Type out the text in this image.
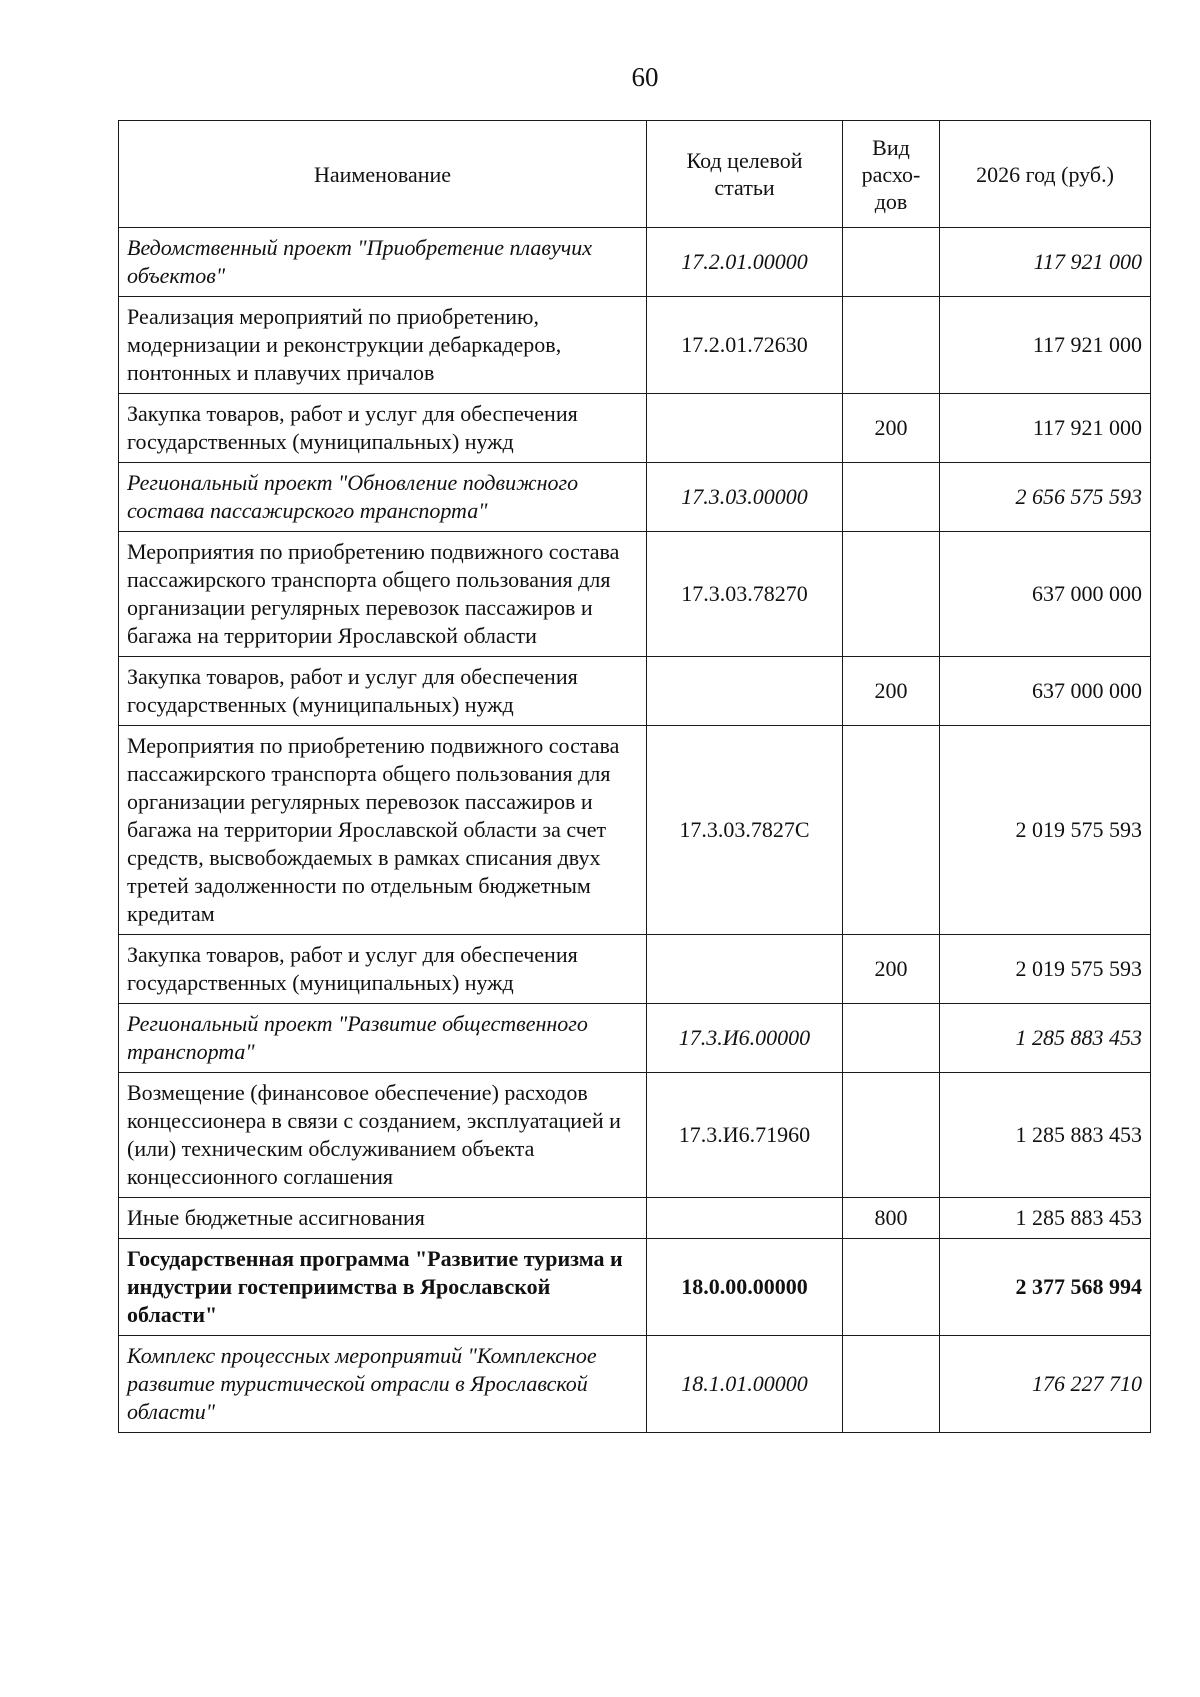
60
Наименование	Код целевой статьи	Вид расхо-дов	2026 год (руб.)
Ведомственный проект "Приобретение плавучих объектов"	17.2.01.00000		117 921 000
Реализация мероприятий по приобретению, модернизации и реконструкции дебаркадеров, понтонных и плавучих причалов	17.2.01.72630		117 921 000
Закупка товаров, работ и услуг для обеспечения государственных (муниципальных) нужд		200	117 921 000
Региональный проект "Обновление подвижного состава пассажирского транспорта"	17.3.03.00000		2 656 575 593
Мероприятия по приобретению подвижного состава пассажирского транспорта общего пользования для организации регулярных перевозок пассажиров и багажа на территории Ярославской области	17.3.03.78270		637 000 000
Закупка товаров, работ и услуг для обеспечения государственных (муниципальных) нужд		200	637 000 000
Мероприятия по приобретению подвижного состава пассажирского транспорта общего пользования для организации регулярных перевозок пассажиров и багажа на территории Ярославской области за счет средств, высвобождаемых в рамках списания двух третей задолженности по отдельным бюджетным кредитам	17.3.03.7827C		2 019 575 593
Закупка товаров, работ и услуг для обеспечения государственных (муниципальных) нужд		200	2 019 575 593
Региональный проект "Развитие общественного транспорта"	17.3.И6.00000		1 285 883 453
Возмещение (финансовое обеспечение) расходов концессионера в связи с созданием, эксплуатацией и (или) техническим обслуживанием объекта концессионного соглашения	17.3.И6.71960		1 285 883 453
Иные бюджетные ассигнования		800	1 285 883 453
Государственная программа "Развитие туризма и индустрии гостеприимства в Ярославской области"	18.0.00.00000		2 377 568 994
Комплекс процессных мероприятий "Комплексное развитие туристической отрасли в Ярославской области"	18.1.01.00000		176 227 710
